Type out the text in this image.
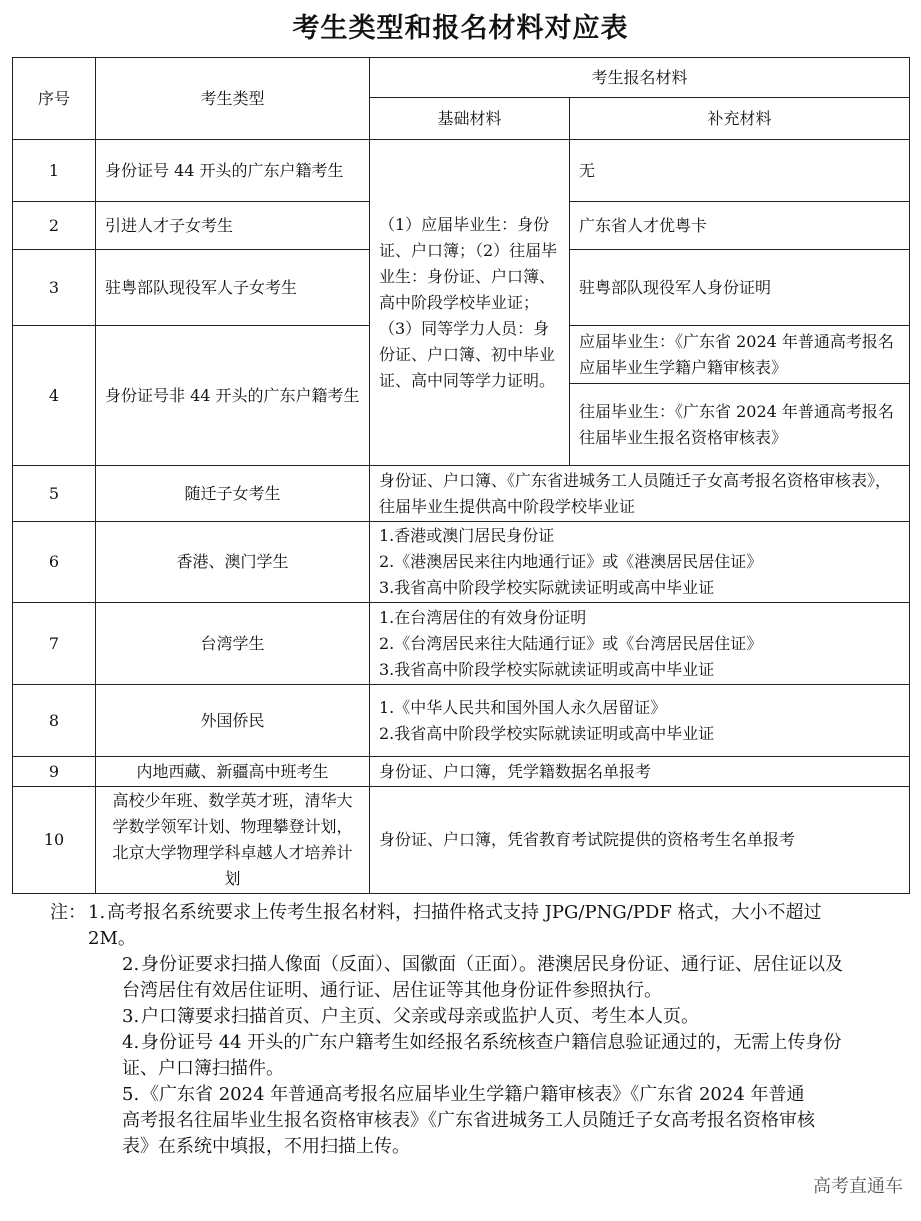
考生类型和报名材料对应表
序号	考生类型	考生报名材料	
		基础材料	补充材料
1	身份证号 44 开头的广东户籍考生	（1）应届毕业生：身份证、户口簿；（2）往届毕业生：身份证、户口簿、高中阶段学校毕业证；（3）同等学力人员：身份证、户口簿、初中毕业证、高中同等学力证明。	无
2	引进人才子女考生		广东省人才优粤卡
3	驻粤部队现役军人子女考生		驻粤部队现役军人身份证明
4	身份证号非 44 开头的广东户籍考生		应届毕业生：《广东省 2024 年普通高考报名应届毕业生学籍户籍审核表》
			往届毕业生：《广东省 2024 年普通高考报名往届毕业生报名资格审核表》
5	随迁子女考生	身份证、户口簿、《广东省进城务工人员随迁子女高考报名资格审核表》，往届毕业生提供高中阶段学校毕业证	
6	香港、澳门学生	1.香港或澳门居民身份证
2.《港澳居民来往内地通行证》或《港澳居民居住证》
3.我省高中阶段学校实际就读证明或高中毕业证	

7	台湾学生	1.在台湾居住的有效身份证明
2.《台湾居民来往大陆通行证》或《台湾居民居住证》
3.我省高中阶段学校实际就读证明或高中毕业证	

8	外国侨民	1.《中华人民共和国外国人永久居留证》
2.我省高中阶段学校实际就读证明或高中毕业证	

9	内地西藏、新疆高中班考生	身份证、户口簿，凭学籍数据名单报考	
10	高校少年班、数学英才班，清华大学数学领军计划、物理攀登计划，北京大学物理学科卓越人才培养计划	身份证、户口簿，凭省教育考试院提供的资格考生名单报考	
注： 1. 高考报名系统要求上传考生报名材料，扫描件格式支持 JPG/PNG/PDF 格式，大小不超过 2M。
2. 身份证要求扫描人像面（反面）、国徽面（正面）。港澳居民身份证、通行证、居住证以及台湾居住有效居住证明、通行证、居住证等其他身份证件参照执行。
3. 户口簿要求扫描首页、户主页、父亲或母亲或监护人页、考生本人页。
4. 身份证号 44 开头的广东户籍考生如经报名系统核查户籍信息验证通过的，无需上传身份证、户口簿扫描件。
5. 《广东省 2024 年普通高考报名应届毕业生学籍户籍审核表》《广东省 2024 年普通高考报名往届毕业生报名资格审核表》《广东省进城务工人员随迁子女高考报名资格审核表》在系统中填报，不用扫描上传。
高考直通车
